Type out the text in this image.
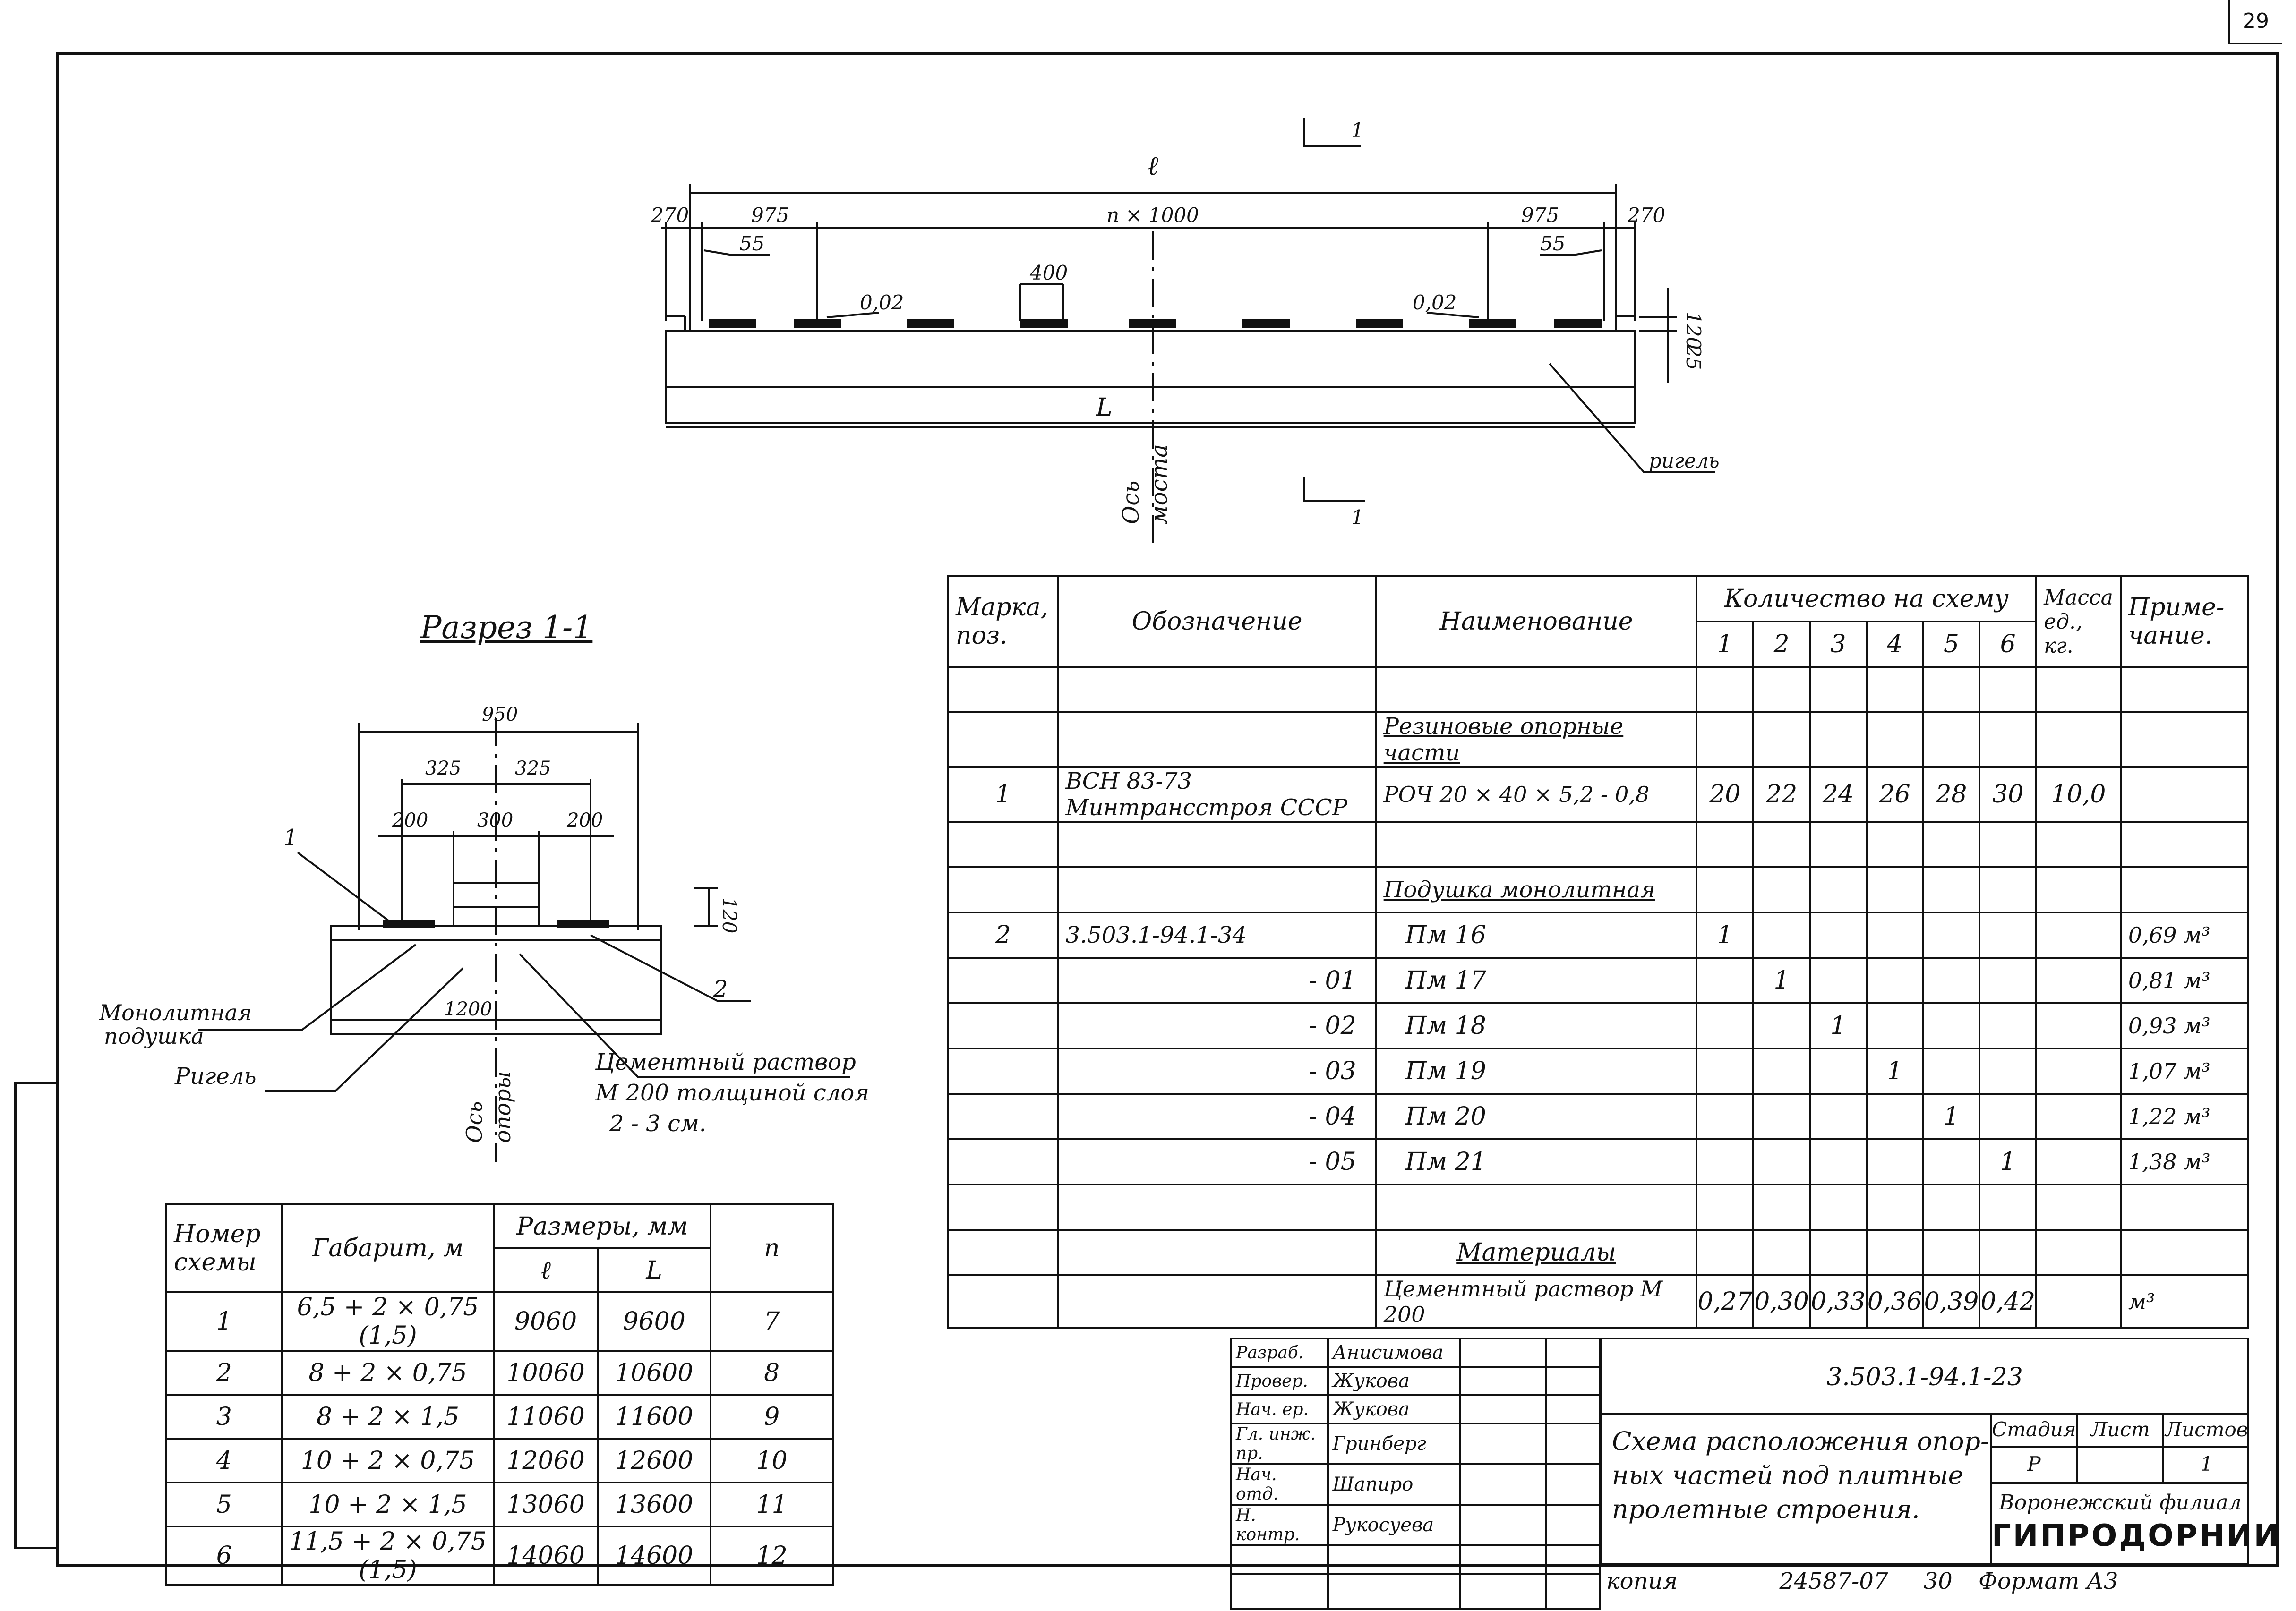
29
ℓ
270	975	n × 1000	975	270
55	55
400
0,02	0,02
120
25
L
1
1
Ось моста	ригель
Разрез 1-1
950
325	325
200	300	200
120
1200
1
2
Монолитная
подушка
Ригель
Цементный раствор
М 200 толщиной слоя
2 - 3 см.
Ось опоры
Марка,
поз.	Обозначение	Наименование	Количество на схему						Масса
ед., кг.	Приме-
чание.
			1	2	3	4	5	6		

		Резиновые опорные части								
1	ВСН 83-73 Минтрансстроя СССР	РОЧ 20 × 40 × 5,2 - 0,8	20	22	24	26	28	30	10,0	

		Подушка монолитная								
2	3.503.1-94.1-34	Пм 16	1							0,69 м³
	- 01	Пм 17		1						0,81 м³
	- 02	Пм 18			1					0,93 м³
	- 03	Пм 19				1				1,07 м³
	- 04	Пм 20					1			1,22 м³
	- 05	Пм 21						1		1,38 м³

		Материалы								
		Цементный раствор М 200	0,27	0,30	0,33	0,36	0,39	0,42		м³
Номер
схемы	Габарит, м	Размеры, мм		n
		ℓ	L	
1	6,5 + 2 × 0,75 (1,5)	9060	9600	7
2	8 + 2 × 0,75	10060	10600	8
3	8 + 2 × 1,5	11060	11600	9
4	10 + 2 × 0,75	12060	12600	10
5	10 + 2 × 1,5	13060	13600	11
6	11,5 + 2 × 0,75 (1,5)	14060	14600	12
Разраб.	Анисимова		
Провер.	Жукова		
Нач. ер.	Жукова		
Гл. инж. пр.	Гринберг		
Нач. отд.	Шапиро		
Н. контр.	Рукосуева		

3.503.1-94.1-23
Схема расположения опор-
ных частей под плитные
пролетные строения.
Стадия Лист Листов
Р	1
Воронежский филиал
ГИПРОДОРНИИ
копия	24587-07 30 Формат А3
